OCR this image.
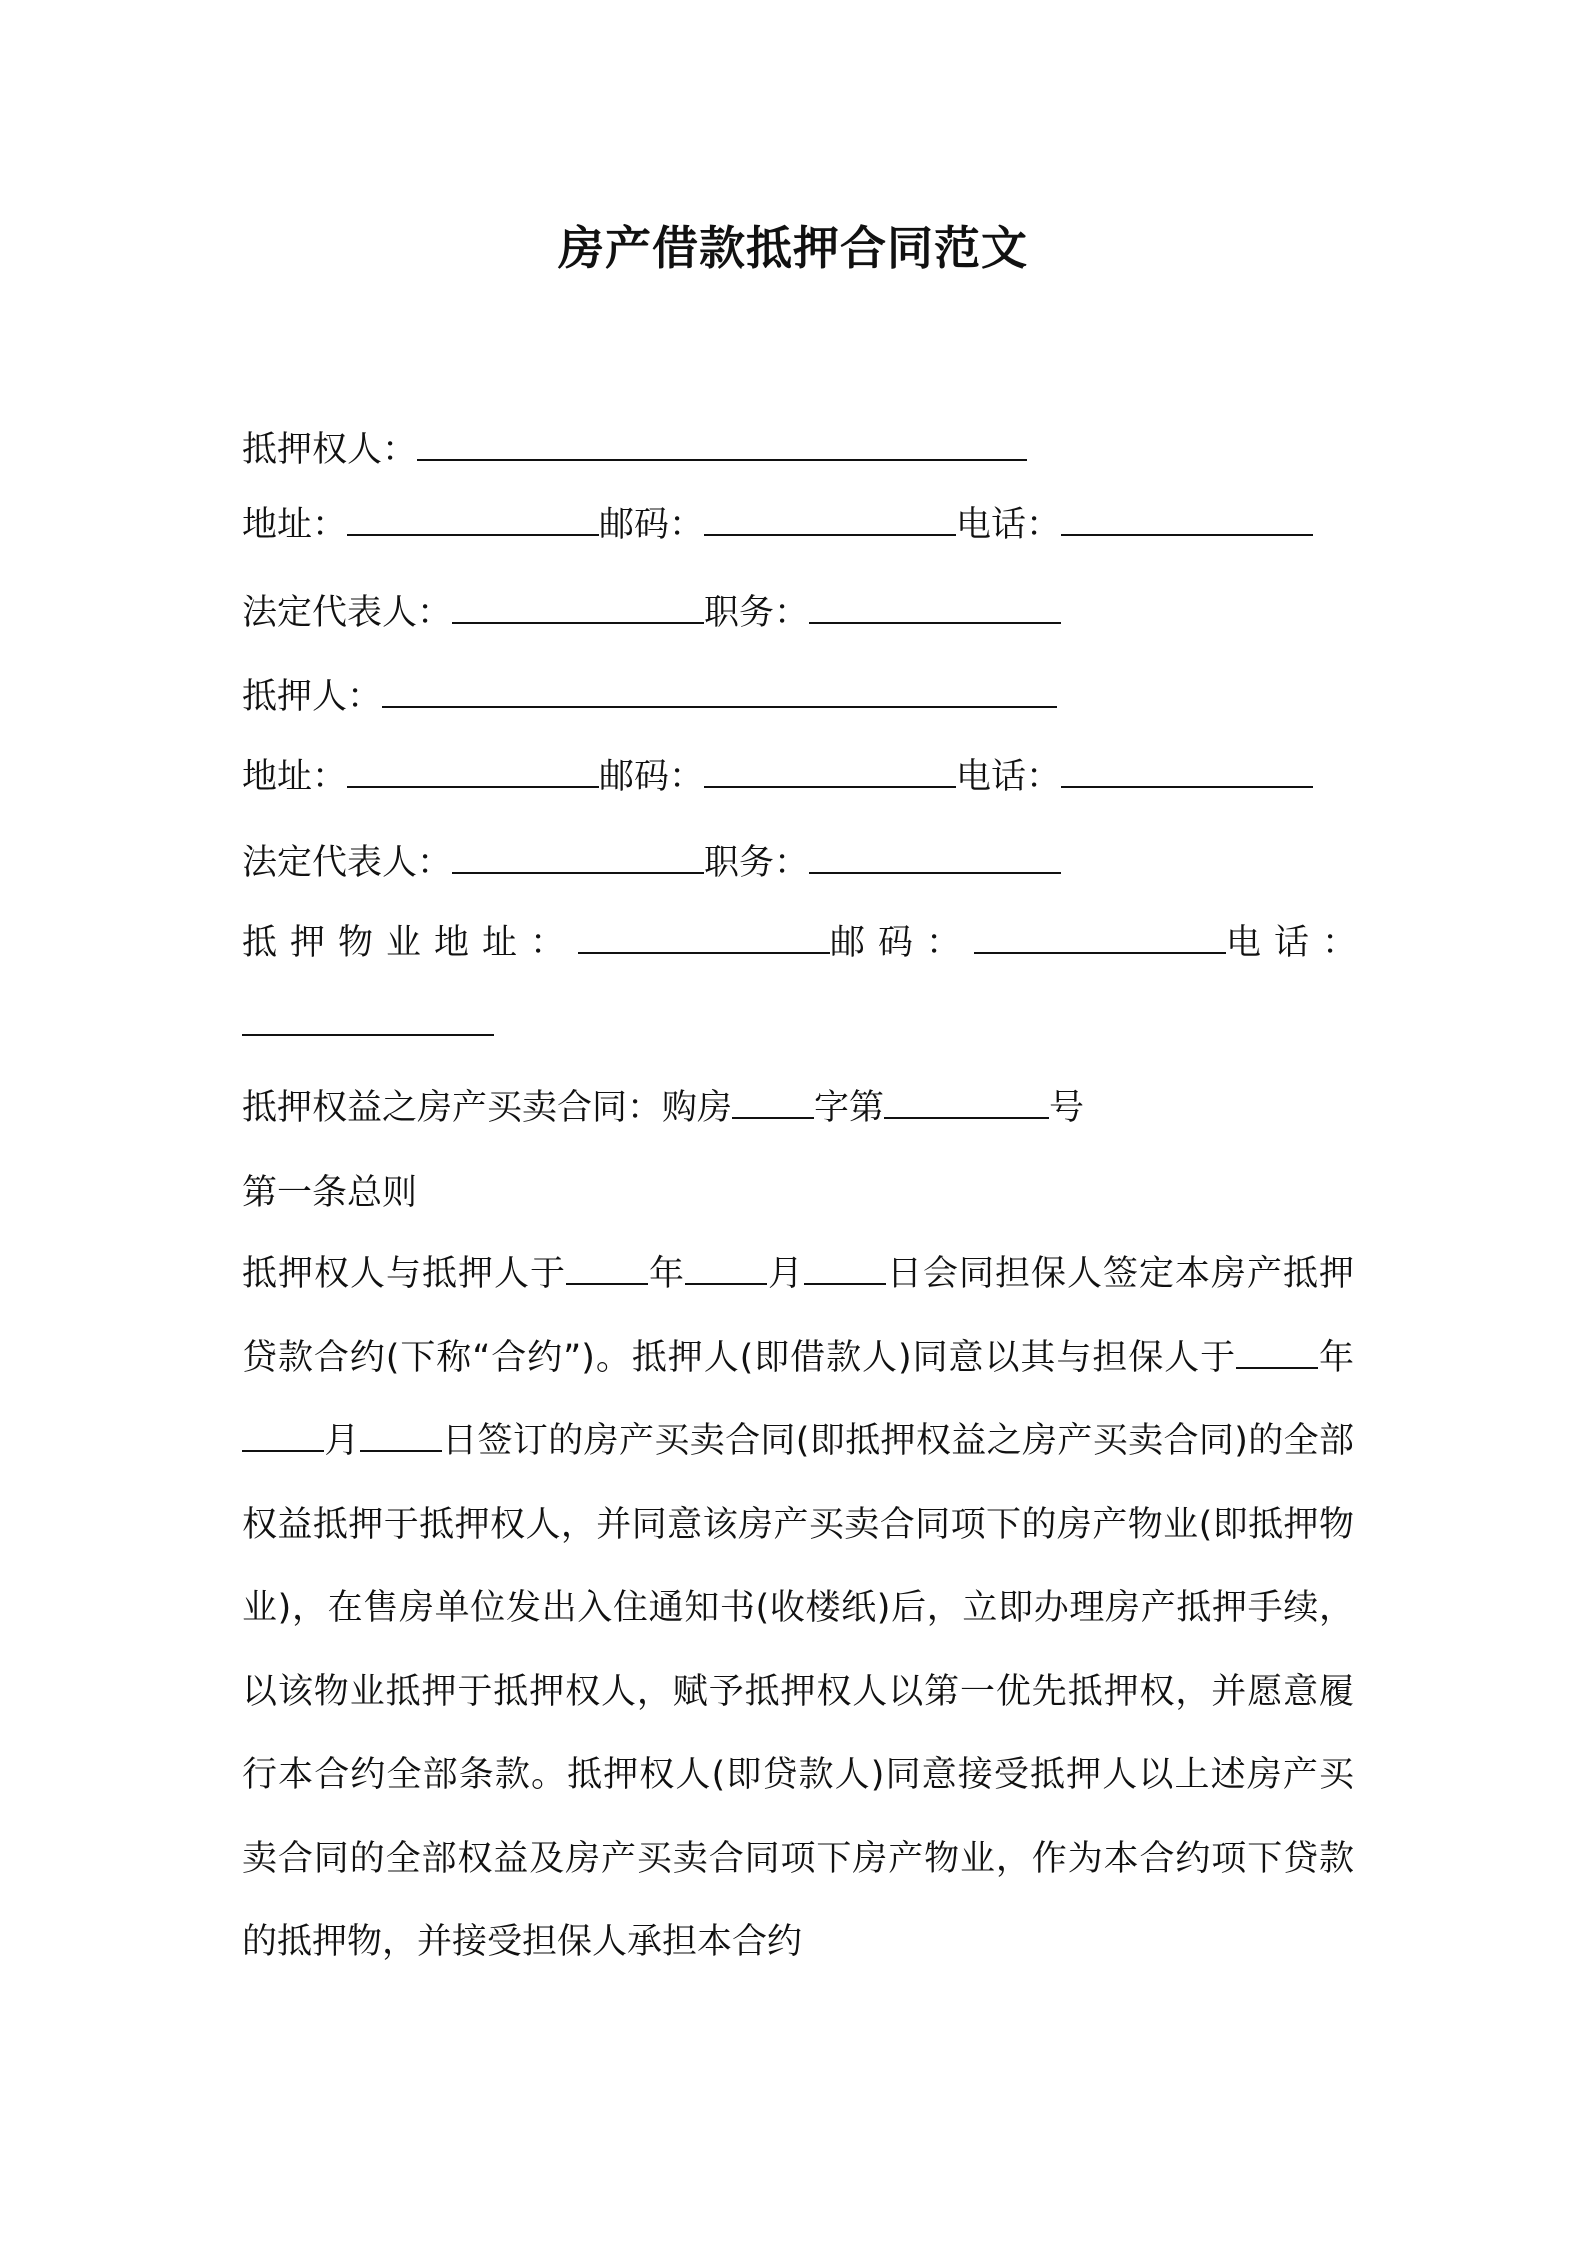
房产借款抵押合同范文
抵押权人：
地址：	邮码：	电话：
法定代表人：	职务：
抵押人：
地址：	邮码：	电话：
法定代表人：	职务：
抵押物业地址：	邮码：	电话：
抵押权益之房产买卖合同：购房 字第	号
第一条总则
抵押权人与抵押人于 年 月 日会同担保人签定本房产抵押贷款合约(下称“合约”)。抵押人(即借款人)同意以其与担保人于 年月 日签订的房产买卖合同(即抵押权益之房产买卖合同)的全部权益抵押于抵押权人，并同意该房产买卖合同项下的房产物业(即抵押物业)，在售房单位发出入住通知书(收楼纸)后，立即办理房产抵押手续，以该物业抵押于抵押权人，赋予抵押权人以第一优先抵押权，并愿意履行本合约全部条款。抵押权人(即贷款人)同意接受抵押人以上述房产买卖合同的全部权益及房产买卖合同项下房产物业，作为本合约项下贷款的抵押物，并接受担保人承担本合约
